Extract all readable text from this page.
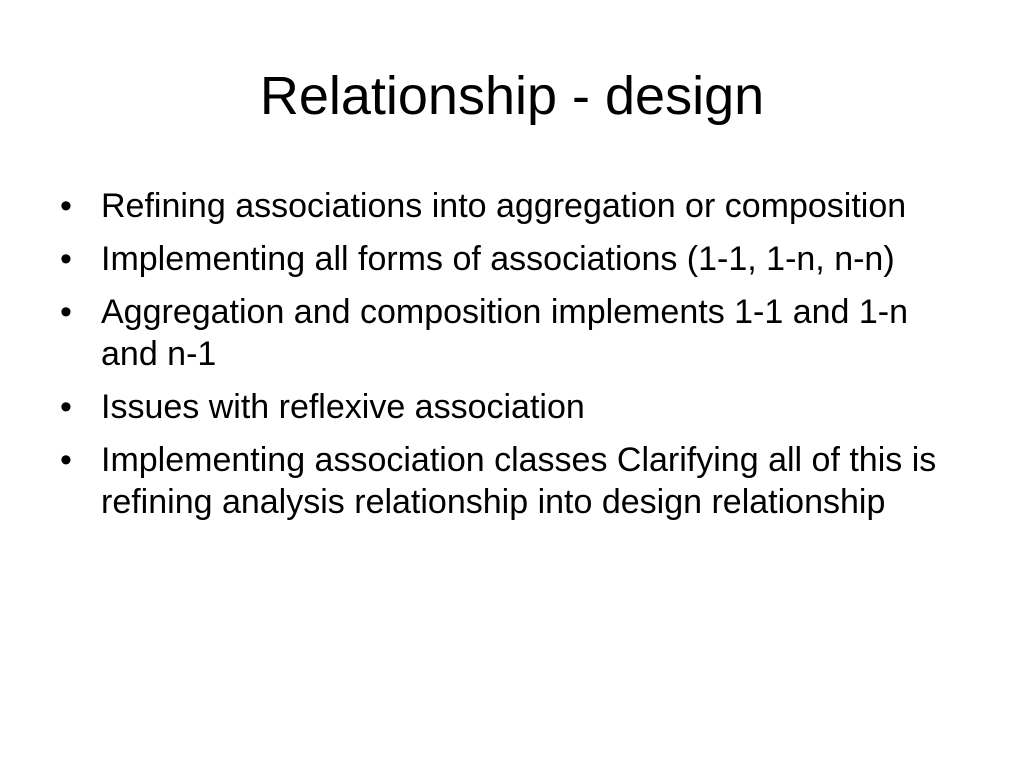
Relationship - design
• Refining associations into aggregation or composition
• Implementing all forms of associations (1-1, 1-n, n-n)
• Aggregation and composition implements 1-1 and 1-n and n-1
• Issues with reflexive association
• Implementing association classes Clarifying all of this is refining analysis relationship into design relationship
